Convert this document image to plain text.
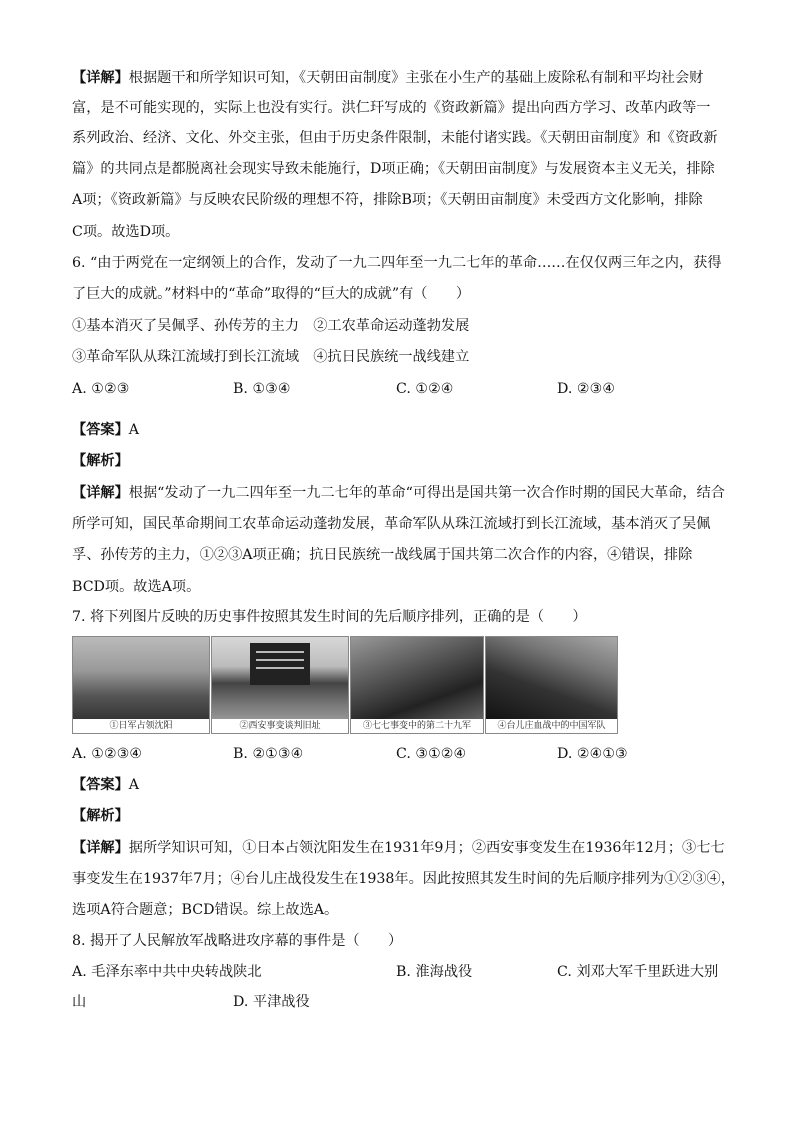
【详解】根据题干和所学知识可知，《天朝田亩制度》主张在小生产的基础上废除私有制和平均社会财
富，是不可能实现的，实际上也没有实行。洪仁玕写成的《资政新篇》提出向西方学习、改革内政等一
系列政治、经济、文化、外交主张，但由于历史条件限制，未能付诸实践。《天朝田亩制度》和《资政新
篇》的共同点是都脱离社会现实导致未能施行，D项正确；《天朝田亩制度》与发展资本主义无关，排除
A项；《资政新篇》与反映农民阶级的理想不符，排除B项；《天朝田亩制度》未受西方文化影响，排除
C项。故选D项。
6. “由于两党在一定纲领上的合作，发动了一九二四年至一九二七年的革命……在仅仅两三年之内，获得
了巨大的成就。”材料中的“革命”取得的“巨大的成就”有（　　）
①基本消灭了吴佩孚、孙传芳的主力　②工农革命运动蓬勃发展
③革命军队从珠江流域打到长江流域　④抗日民族统一战线建立
A. ①②③	B. ①③④	C. ①②④	D. ②③④
【答案】A
【解析】
【详解】根据“发动了一九二四年至一九二七年的革命“可得出是国共第一次合作时期的国民大革命，结合
所学可知，国民革命期间工农革命运动蓬勃发展，革命军队从珠江流域打到长江流域，基本消灭了吴佩
孚、孙传芳的主力，①②③A项正确；抗日民族统一战线属于国共第二次合作的内容，④错误，排除
BCD项。故选A项。
7. 将下列图片反映的历史事件按照其发生时间的先后顺序排列，正确的是（　　）
①日军占领沈阳	②西安事变谈判旧址	③七七事变中的第二十九军	④台儿庄血战中的中国军队
A. ①②③④	B. ②①③④	C. ③①②④	D. ②④①③
【答案】A
【解析】
【详解】据所学知识可知，①日本占领沈阳发生在1931年9月；②西安事变发生在1936年12月；③七七
事变发生在1937年7月；④台儿庄战役发生在1938年。因此按照其发生时间的先后顺序排列为①②③④，
选项A符合题意；BCD错误。综上故选A。
8. 揭开了人民解放军战略进攻序幕的事件是（　　）
A. 毛泽东率中共中央转战陕北	B. 淮海战役	C. 刘邓大军千里跃进大别
山	D. 平津战役
